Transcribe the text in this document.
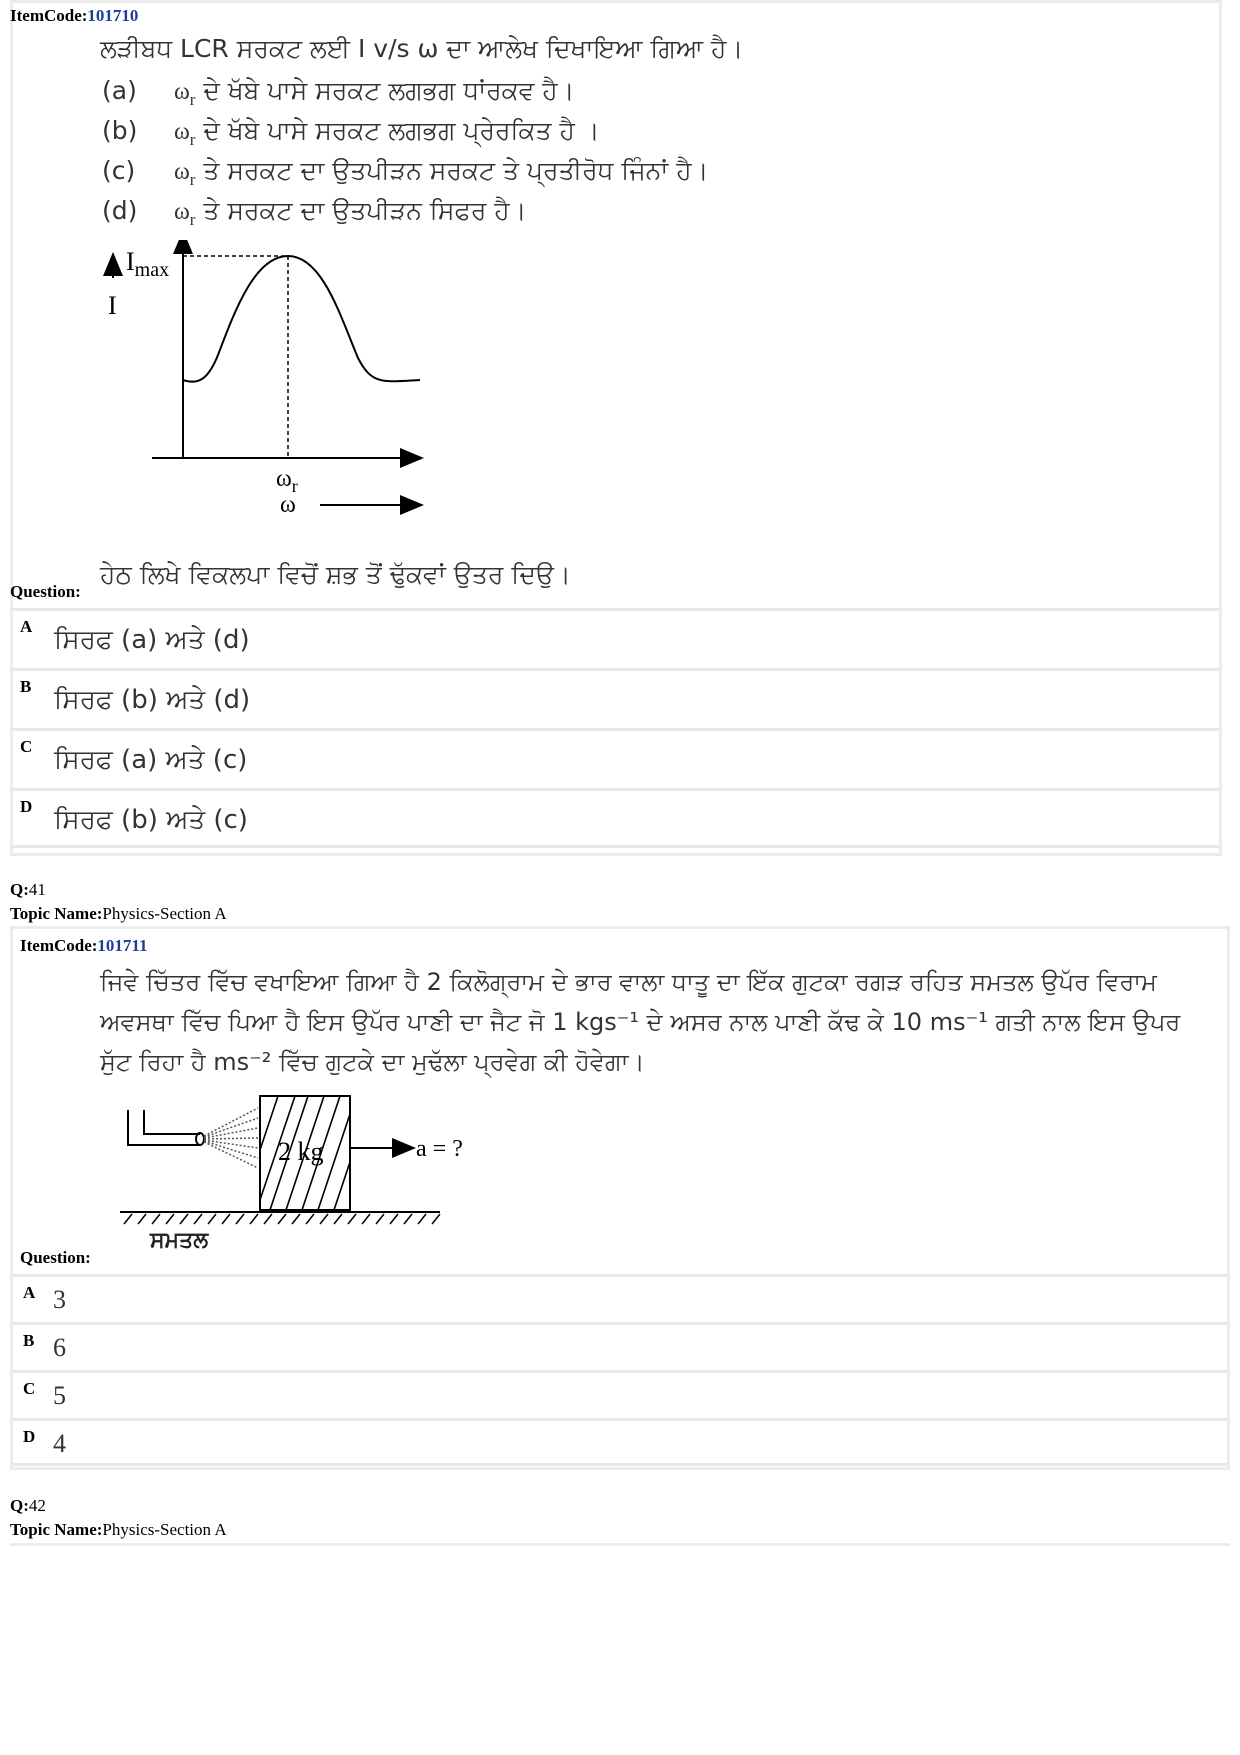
ItemCode:101710
ਲੜੀਬਧ LCR ਸਰਕਟ ਲਈ I v/s ω ਦਾ ਆਲੇਖ ਦਿਖਾਇਆ ਗਿਆ ਹੈ।
(a) $\omega_r$ ਦੇ ਖੱਬੇ ਪਾਸੇ ਸਰਕਟ ਲਗਭਗ ਧਾਂਰਕਵ ਹੈ।
(b) $\omega_r$ ਦੇ ਖੱਬੇ ਪਾਸੇ ਸਰਕਟ ਲਗਭਗ ਪ੍ਰੇਰਕਿਤ ਹੈ ।
(c) $\omega_r$ ਤੇ ਸਰਕਟ ਦਾ ਉਤਪੀੜਨ ਸਰਕਟ ਤੇ ਪ੍ਰਤੀਰੋਧ ਜਿੰਨਾਂ ਹੈ।
(d) $\omega_r$ ਤੇ ਸਰਕਟ ਦਾ ਉਤਪੀੜਨ ਸਿਫਰ ਹੈ।
$I_{max}$
I
$\omega_r$
ω
Question:
ਹੇਠ ਲਿਖੇ ਵਿਕਲਪਾ ਵਿਚੋਂ ਸ਼ਭ ਤੋਂ ਢੁੱਕਵਾਂ ਉਤਰ ਦਿਉ।
A ਸਿਰਫ (a) ਅਤੇ (d)
B ਸਿਰਫ (b) ਅਤੇ (d)
C ਸਿਰਫ (a) ਅਤੇ (c)
D ਸਿਰਫ (b) ਅਤੇ (c)
Q:41
Topic Name:Physics-Section A
ItemCode:101711
ਜਿਵੇ ਚਿੱਤਰ ਵਿੱਚ ਵਖਾਇਆ ਗਿਆ ਹੈ 2 ਕਿਲੋਗ੍ਰਾਮ ਦੇ ਭਾਰ ਵਾਲਾ ਧਾਤੂ ਦਾ ਇੱਕ ਗੁਟਕਾ ਰਗੜ ਰਹਿਤ ਸਮਤਲ ਉਪੱਰ ਵਿਰਾਮ
ਅਵਸਥਾ ਵਿੱਚ ਪਿਆ ਹੈ ਇਸ ਉਪੱਰ ਪਾਣੀ ਦਾ ਜੈਟ ਜੋ 1 kgs⁻¹ ਦੇ ਅਸਰ ਨਾਲ ਪਾਣੀ ਕੱਢ ਕੇ 10 ms⁻¹ ਗਤੀ ਨਾਲ ਇਸ ਉਪਰ
ਸੁੱਟ ਰਿਹਾ ਹੈ ms⁻² ਵਿੱਚ ਗੁਟਕੇ ਦਾ ਮੁਢੱਲਾ ਪ੍ਰਵੇਗ ਕੀ ਹੋਵੇਗਾ।
2 kg	a = ?
Question:
ਸਮਤਲ
A 3
B 6
C 5
D 4
Q:42
Topic Name:Physics-Section A
